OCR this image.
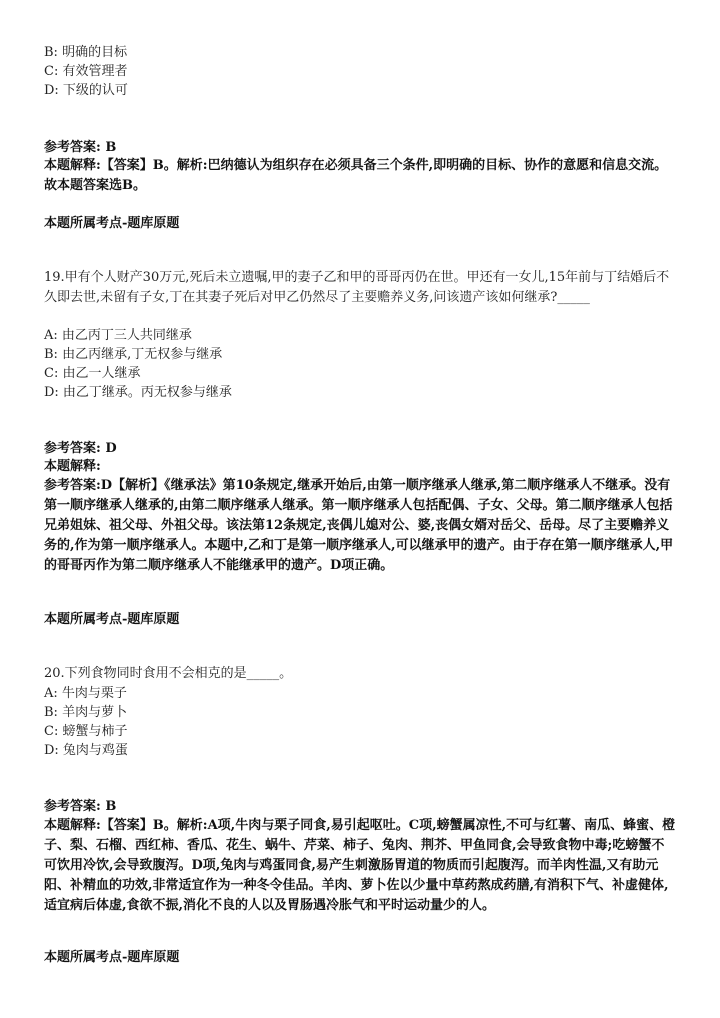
B: 明确的目标
C: 有效管理者
D: 下级的认可
参考答案: B
本题解释:【答案】B。解析:巴纳德认为组织存在必须具备三个条件,即明确的目标、协作的意愿和信息交流。故本题答案选B。
本题所属考点-题库原题
19.甲有个人财产30万元,死后未立遗嘱,甲的妻子乙和甲的哥哥丙仍在世。甲还有一女儿,15年前与丁结婚后不久即去世,未留有子女,丁在其妻子死后对甲乙仍然尽了主要赡养义务,问该遗产该如何继承?_____
A: 由乙丙丁三人共同继承
B: 由乙丙继承,丁无权参与继承
C: 由乙一人继承
D: 由乙丁继承。丙无权参与继承
参考答案: D
本题解释:
参考答案:D【解析】《继承法》第10条规定,继承开始后,由第一顺序继承人继承,第二顺序继承人不继承。没有第一顺序继承人继承的,由第二顺序继承人继承。第一顺序继承人包括配偶、子女、父母。第二顺序继承人包括兄弟姐妹、祖父母、外祖父母。该法第12条规定,丧偶儿媳对公、婆,丧偶女婿对岳父、岳母。尽了主要赡养义务的,作为第一顺序继承人。本题中,乙和丁是第一顺序继承人,可以继承甲的遗产。由于存在第一顺序继承人,甲的哥哥丙作为第二顺序继承人不能继承甲的遗产。D项正确。
本题所属考点-题库原题
20.下列食物同时食用不会相克的是_____。
A: 牛肉与栗子
B: 羊肉与萝卜
C: 螃蟹与柿子
D: 兔肉与鸡蛋
参考答案: B
本题解释:【答案】B。解析:A项,牛肉与栗子同食,易引起呕吐。C项,螃蟹属凉性,不可与红薯、南瓜、蜂蜜、橙子、梨、石榴、西红柿、香瓜、花生、蜗牛、芹菜、柿子、兔肉、荆芥、甲鱼同食,会导致食物中毒;吃螃蟹不可饮用冷饮,会导致腹泻。D项,兔肉与鸡蛋同食,易产生刺激肠胃道的物质而引起腹泻。而羊肉性温,又有助元阳、补精血的功效,非常适宜作为一种冬令佳品。羊肉、萝卜佐以少量中草药熬成药膳,有消积下气、补虚健体,适宜病后体虚,食欲不振,消化不良的人以及胃肠遇冷胀气和平时运动量少的人。
本题所属考点-题库原题
